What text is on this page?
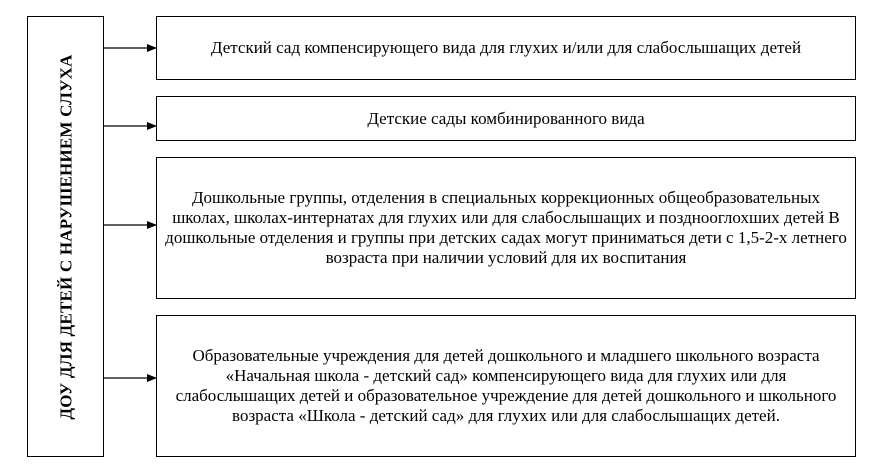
ДОУ ДЛЯ ДЕТЕЙ С НАРУШЕНИЕМ СЛУХА
Детский сад компенсирующего вида для глухих и/или для слабослышащих детей
Детские сады комбинированного вида
Дошкольные группы, отделения в специальных коррекционных общеобразовательных школах, школах-интернатах для глухих или для слабослышащих и позднооглохших детей В дошкольные отделения и группы при детских садах могут приниматься дети с 1,5-2-х летнего возраста при наличии условий для их воспитания
Образовательные учреждения для детей дошкольного и младшего школьного возраста «Начальная школа - детский сад» компенсирующего вида для глухих или для слабослышащих детей и образовательное учреждение для детей дошкольного и школьного возраста «Школа - детский сад» для глухих или для слабослышащих детей.
